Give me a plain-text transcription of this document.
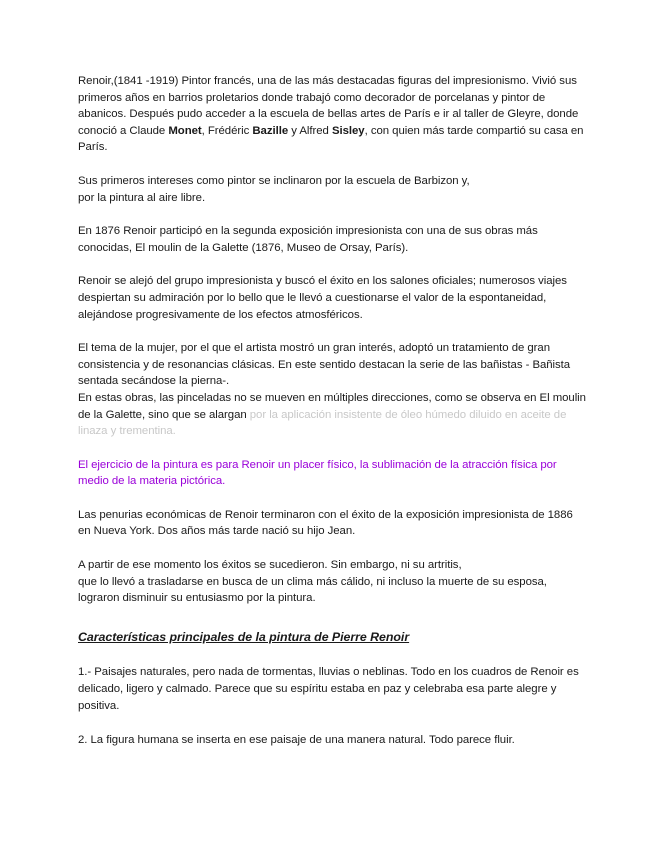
Renoir,(1841 -1919) Pintor francés, una de las más destacadas figuras del impresionismo. Vivió sus primeros años en barrios proletarios donde trabajó como decorador de porcelanas y pintor de abanicos. Después pudo acceder a la escuela de bellas artes de París e ir al taller de Gleyre, donde conoció a Claude Monet, Frédéric Bazille y Alfred Sisley, con quien más tarde compartió su casa en París.

Sus primeros intereses como pintor se inclinaron por la escuela de Barbizon y,
por la pintura al aire libre.

En 1876 Renoir participó en la segunda exposición impresionista con una de sus obras más conocidas, El moulin de la Galette (1876, Museo de Orsay, París).

Renoir se alejó del grupo impresionista y buscó el éxito en los salones oficiales; numerosos viajes despiertan su admiración por lo bello que le llevó a cuestionarse el valor de la espontaneidad, alejándose progresivamente de los efectos atmosféricos.

El tema de la mujer, por el que el artista mostró un gran interés, adoptó un tratamiento de gran consistencia y de resonancias clásicas. En este sentido destacan la serie de las bañistas - Bañista sentada secándose la pierna-.
En estas obras, las pinceladas no se mueven en múltiples direcciones, como se observa en El moulin de la Galette, sino que se alargan por la aplicación insistente de óleo húmedo diluido en aceite de linaza y trementina.

El ejercicio de la pintura es para Renoir un placer físico, la sublimación de la atracción física por medio de la materia pictórica.

Las penurias económicas de Renoir terminaron con el éxito de la exposición impresionista de 1886 en Nueva York. Dos años más tarde nació su hijo Jean.

A partir de ese momento los éxitos se sucedieron. Sin embargo, ni su artritis,
que lo llevó a trasladarse en busca de un clima más cálido, ni incluso la muerte de su esposa, lograron disminuir su entusiasmo por la pintura.

Características principales de la pintura de Pierre Renoir

1.- Paisajes naturales, pero nada de tormentas, lluvias o neblinas. Todo en los cuadros de Renoir es delicado, ligero y calmado. Parece que su espíritu estaba en paz y celebraba esa parte alegre y positiva.

2. La figura humana se inserta en ese paisaje de una manera natural. Todo parece fluir.
